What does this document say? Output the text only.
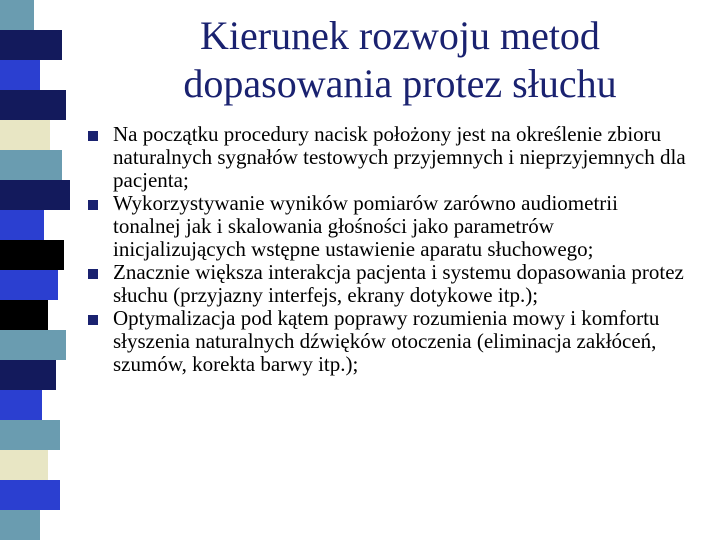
Kierunek rozwoju metod
dopasowania protez słuchu
Na początku procedury nacisk położony jest na określenie zbioru naturalnych sygnałów testowych przyjemnych i nieprzyjemnych dla pacjenta;
Wykorzystywanie wyników pomiarów zarówno audiometrii tonalnej jak i skalowania głośności jako parametrów inicjalizujących wstępne ustawienie aparatu słuchowego;
Znacznie większa interakcja pacjenta i systemu dopasowania protez słuchu (przyjazny interfejs, ekrany dotykowe itp.);
Optymalizacja pod kątem poprawy rozumienia mowy i komfortu słyszenia naturalnych dźwięków otoczenia (eliminacja zakłóceń, szumów, korekta barwy itp.);
